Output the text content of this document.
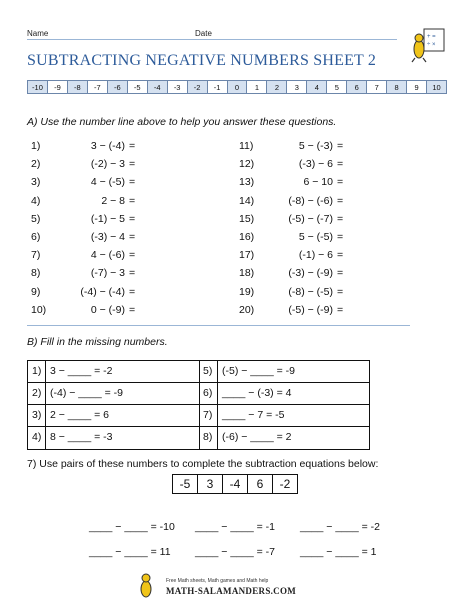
Name	Date	+ =
÷ ×
SUBTRACTING NEGATIVE NUMBERS SHEET 2
-10	-9	-8	-7	-6	-5	-4	-3	-2	-1	0	1	2	3	4	5	6	7	8	9	10
A) Use the number line above to help you answer these questions.
1)	3 − (-4) =
2)	(-2) − 3 =
3)	4 − (-5) =
4)	2 − 8 =
5)	(-1) − 5 =
6)	(-3) − 4 =
7)	4 − (-6) =
8)	(-7) − 3 =
9)	(-4) − (-4) =
10)	0 − (-9) =
11)	5 − (-3) =
12)	(-3) − 6 =
13)	6 − 10 =
14)	(-8) − (-6) =
15)	(-5) − (-7) =
16)	5 − (-5) =
17)	(-1) − 6 =
18)	(-3) − (-9) =
19)	(-8) − (-5) =
20)	(-5) − (-9) =
B) Fill in the missing numbers.
1) 3 − ____ = -2	5) (-5) − ____ = -9
2) (-4) − ____ = -9	6) ____ − (-3) = 4
3) 2 − ____ = 6	7) ____ − 7 = -5
4) 8 − ____ = -3	8) (-6) − ____ = 2
7) Use pairs of these numbers to complete the subtraction equations below:
-5	3	-4	6	-2
____ − ____ = -10 ____ − ____ = -1 ____ − ____ = -2
____ − ____ = 11 ____ − ____ = -7 ____ − ____ = 1
Free Math sheets, Math games and Math help
MATH-SALAMANDERS.COM
